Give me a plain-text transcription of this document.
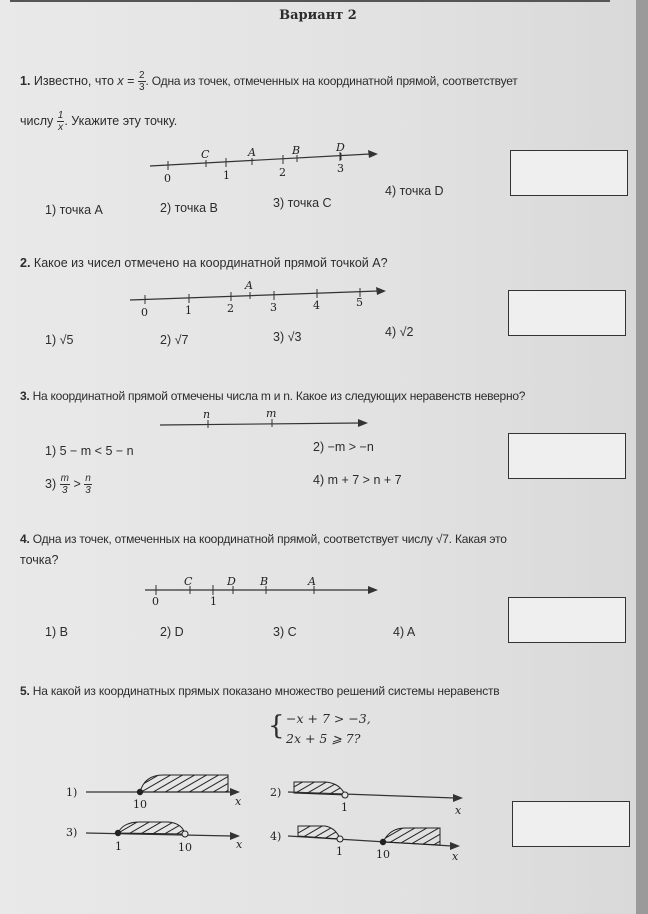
Вариант 2
1. Известно, что $x = \frac{2}{3}$ . Одна из точек, отмеченных на координатной прямой, соответствует
числу $\frac{1}{x}$ . Укажите эту точку.
0	1	2	3
C	A	B	D
0	1	2	3	4	5
A
n	m
0	1
C	D B	A
1)
10	x
2)
1	x
3)
1	10	x
4)
1	10	x
1) точка A	2) точка B	3) точка C
4) точка D
2. Какое из чисел отмечено на координатной прямой точкой A?
1) √5	2) √7	3) √3	4) √2
3. На координатной прямой отмечены числа m и n. Какое из следующих неравенств неверно?
1) 5 − m < 5 − n	2) −m > −n
$3) \frac{m}{3} > \frac{n}{3}$	4) m + 7 > n + 7
4. Одна из точек, отмеченных на координатной прямой, соответствует числу √7. Какая это
точка?
1) B	2) D	3) C	4) A
5. На какой из координатных прямых показано множество решений системы неравенств
{ −x + 7 > −3,
2x + 5 ⩾ 7?
